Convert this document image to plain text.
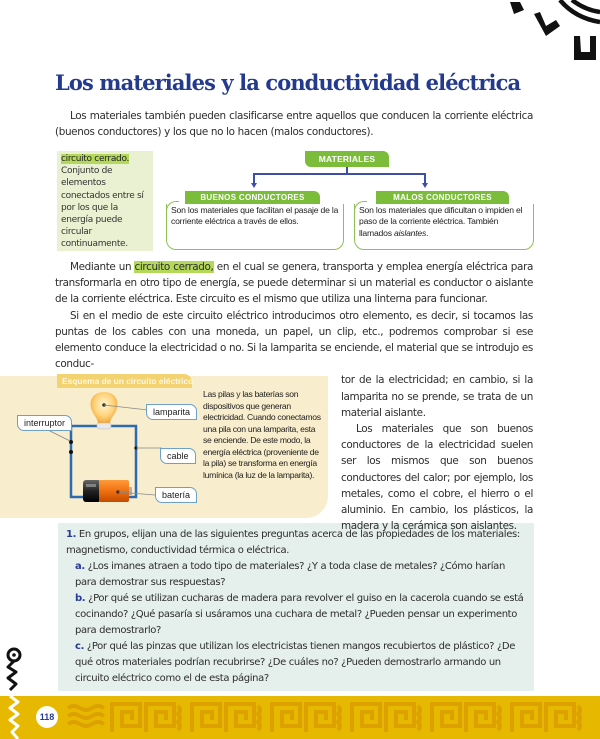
Los materiales y la conductividad eléctrica

Los materiales también pueden clasificarse entre aquellos que conducen la corriente eléctrica (buenos conductores) y los que no lo hacen (malos conductores).

circuito cerrado. Conjunto de elementos conectados entre sí por los que la energía puede circular continuamente.
MATERIALES
BUENOS CONDUCTORES
Son los materiales que facilitan el pasaje de la corriente eléctrica a través de ellos.
MALOS CONDUCTORES
Son los materiales que dificultan o impiden el paso de la corriente eléctrica. También llamados aislantes.
Esquema de un circuito eléctrico
lamparita
interruptor
cable
batería
Las pilas y las baterías son dispositivos que generan electricidad. Cuando conectamos una pila con una lamparita, esta se enciende. De este modo, la energía eléctrica (proveniente de la pila) se transforma en energía lumínica (la luz de la lamparita).

Mediante un circuito cerrado, en el cual se genera, transporta y emplea energía eléctrica para transformarla en otro tipo de energía, se puede determinar si un material es conductor o aislante de la corriente eléctrica. Este circuito es el mismo que utiliza una linterna para funcionar.

Si en el medio de este circuito eléctrico introducimos otro elemento, es decir, si tocamos las puntas de los cables con una moneda, un papel, un clip, etc., podremos comprobar si ese elemento conduce la electricidad o no. Si la lamparita se enciende, el material que se introdujo es conduc-

tor de la electricidad; en cambio, si la lamparita no se prende, se trata de un material aislante.

Los materiales que son buenos conductores de la electricidad suelen ser los mismos que son buenos conductores del calor; por ejemplo, los metales, como el cobre, el hierro o el aluminio. En cambio, los plásticos, la madera y la cerámica son aislantes.

1. En grupos, elijan una de las siguientes preguntas acerca de las propiedades de los materiales: magnetismo, conductividad térmica o eléctrica.
a. ¿Los imanes atraen a todo tipo de materiales? ¿Y a toda clase de metales? ¿Cómo harían para demostrar sus respuestas?
b. ¿Por qué se utilizan cucharas de madera para revolver el guiso en la cacerola cuando se está cocinando? ¿Qué pasaría si usáramos una cuchara de metal? ¿Pueden pensar un experimento para demostrarlo?
c. ¿Por qué las pinzas que utilizan los electricistas tienen mangos recubiertos de plástico? ¿De qué otros materiales podrían recubrirse? ¿De cuáles no? ¿Pueden demostrarlo armando un circuito eléctrico como el de esta página?
118
